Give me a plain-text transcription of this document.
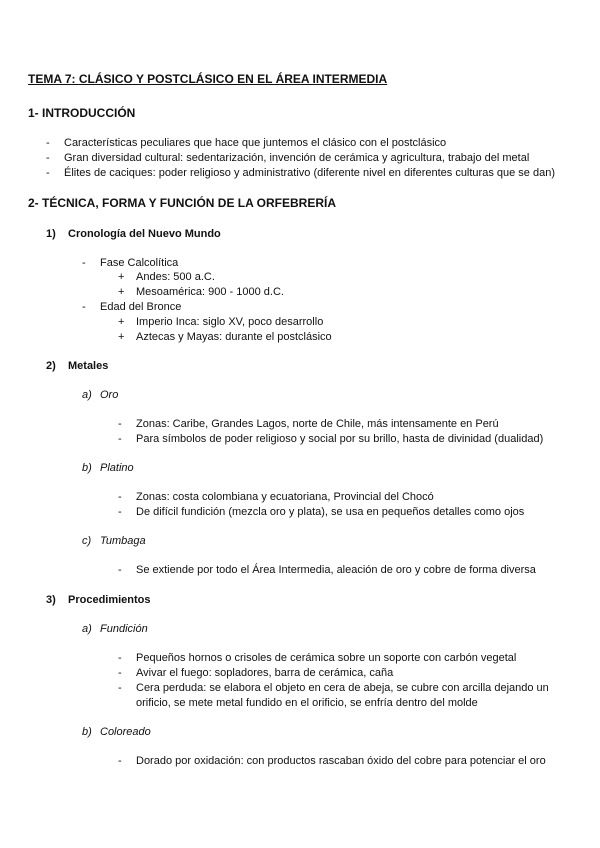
TEMA 7: CLÁSICO Y POSTCLÁSICO EN EL ÁREA INTERMEDIA
1- INTRODUCCIÓN
- Características peculiares que hace que juntemos el clásico con el postclásico
- Gran diversidad cultural: sedentarización, invención de cerámica y agricultura, trabajo del metal
- Élites de caciques: poder religioso y administrativo (diferente nivel en diferentes culturas que se dan)
2- TÉCNICA, FORMA Y FUNCIÓN DE LA ORFEBRERÍA
1) Cronología del Nuevo Mundo
- Fase Calcolítica
+ Andes: 500 a.C.
+ Mesoamérica: 900 - 1000 d.C.
- Edad del Bronce
+ Imperio Inca: siglo XV, poco desarrollo
+ Aztecas y Mayas: durante el postclásico
2) Metales
a) Oro
- Zonas: Caribe, Grandes Lagos, norte de Chile, más intensamente en Perú
- Para símbolos de poder religioso y social por su brillo, hasta de divinidad (dualidad)
b) Platino
- Zonas: costa colombiana y ecuatoriana, Provincial del Chocó
- De difícil fundición (mezcla oro y plata), se usa en pequeños detalles como ojos
c) Tumbaga
- Se extiende por todo el Área Intermedia, aleación de oro y cobre de forma diversa
3) Procedimientos
a) Fundición
- Pequeños hornos o crisoles de cerámica sobre un soporte con carbón vegetal
- Avivar el fuego: sopladores, barra de cerámica, caña
- Cera perduda: se elabora el objeto en cera de abeja, se cubre con arcilla dejando un
orificio, se mete metal fundido en el orificio, se enfría dentro del molde
b) Coloreado
- Dorado por oxidación: con productos rascaban óxido del cobre para potenciar el oro
